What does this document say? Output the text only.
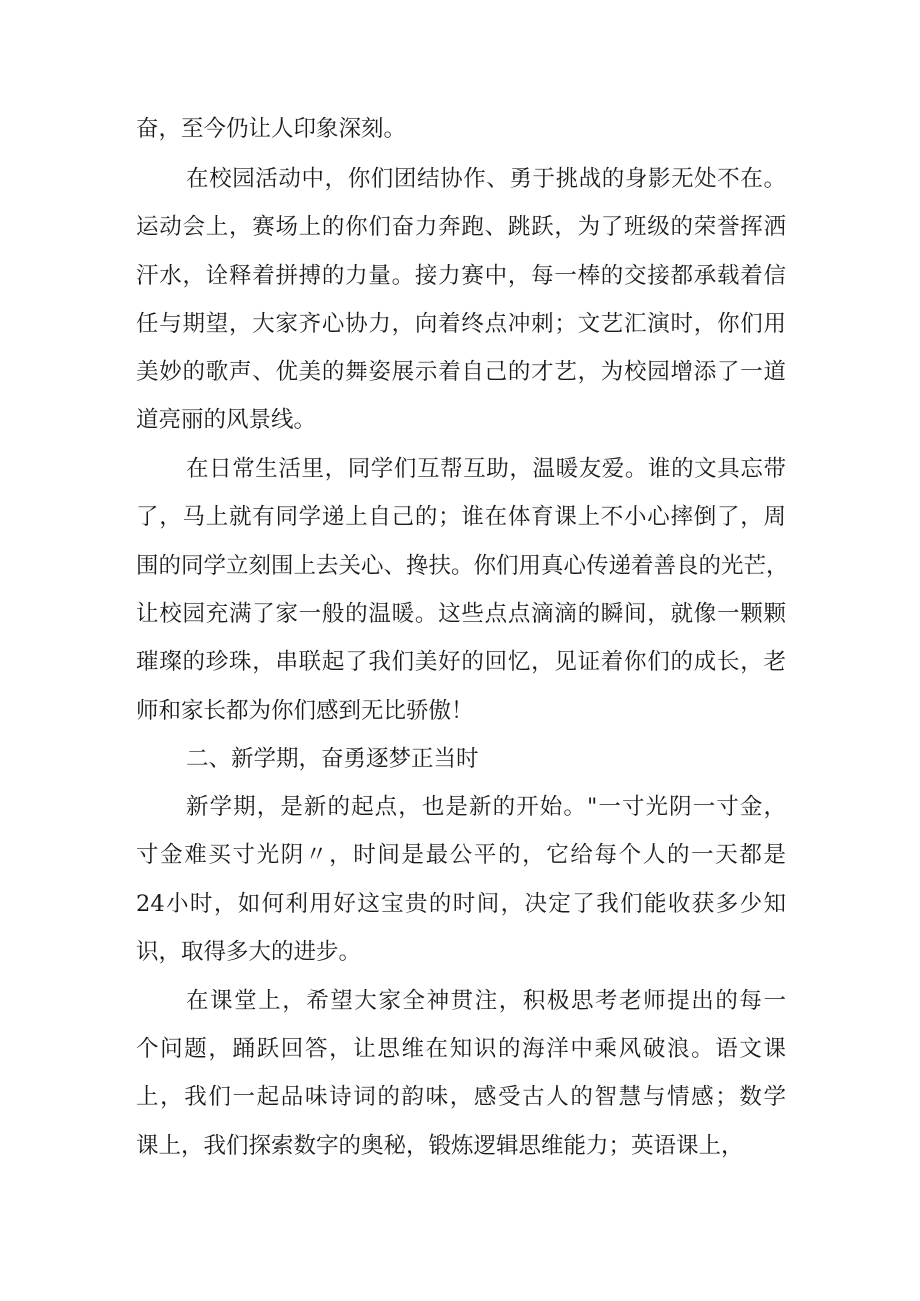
奋，至今仍让人印象深刻。

在校园活动中，你们团结协作、勇于挑战的身影无处不在。

运动会上，赛场上的你们奋力奔跑、跳跃，为了班级的荣誉挥洒

汗水，诠释着拼搏的力量。接力赛中，每一棒的交接都承载着信

任与期望，大家齐心协力，向着终点冲刺；文艺汇演时，你们用

美妙的歌声、优美的舞姿展示着自己的才艺，为校园增添了一道

道亮丽的风景线。

在日常生活里，同学们互帮互助，温暖友爱。谁的文具忘带

了，马上就有同学递上自己的；谁在体育课上不小心摔倒了，周

围的同学立刻围上去关心、搀扶。你们用真心传递着善良的光芒，

让校园充满了家一般的温暖。这些点点滴滴的瞬间，就像一颗颗

璀璨的珍珠，串联起了我们美好的回忆，见证着你们的成长，老

师和家长都为你们感到无比骄傲！

二、新学期，奋勇逐梦正当时

新学期，是新的起点，也是新的开始。"一寸光阴一寸金，

寸金难买寸光阴〃，时间是最公平的，它给每个人的一天都是

24小时，如何利用好这宝贵的时间，决定了我们能收获多少知

识，取得多大的进步。

在课堂上，希望大家全神贯注，积极思考老师提出的每一

个问题，踊跃回答，让思维在知识的海洋中乘风破浪。语文课

上，我们一起品味诗词的韵味，感受古人的智慧与情感；数学

课上，我们探索数字的奥秘，锻炼逻辑思维能力；英语课上，
